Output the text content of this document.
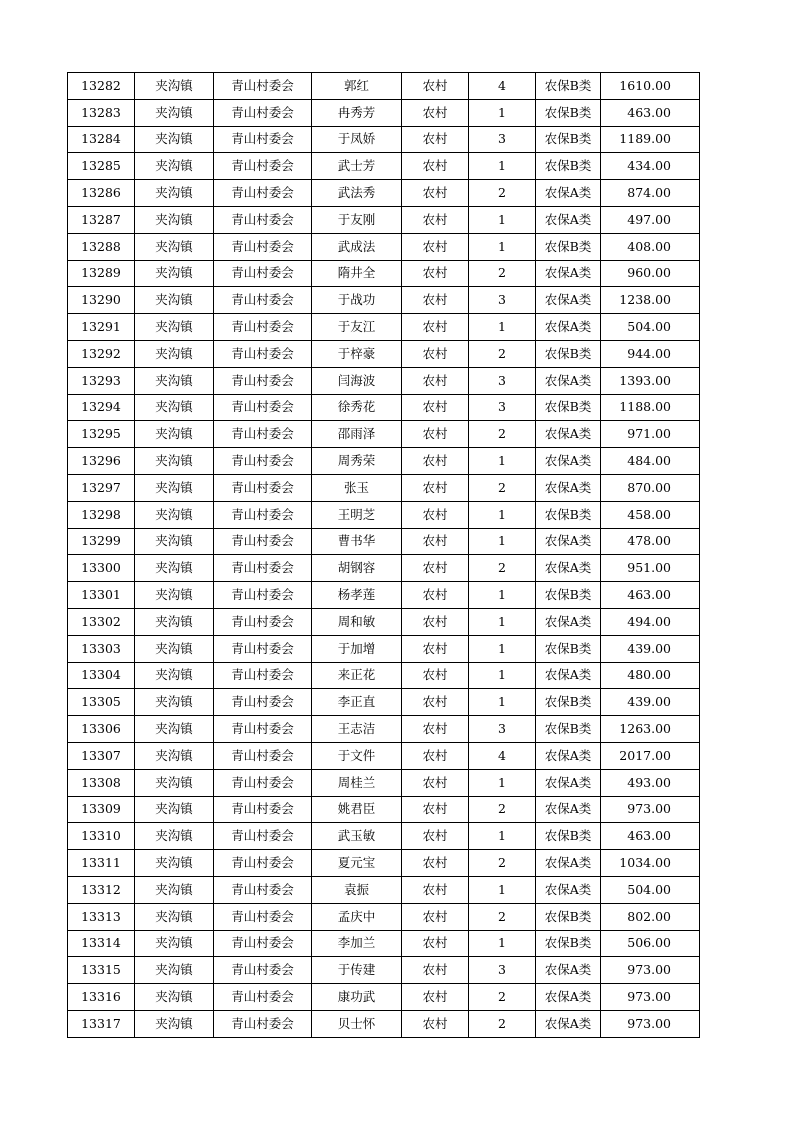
13282	夹沟镇	青山村委会	郭红	农村	4	农保B类	1610.00
13283	夹沟镇	青山村委会	冉秀芳	农村	1	农保B类	463.00
13284	夹沟镇	青山村委会	于凤娇	农村	3	农保B类	1189.00
13285	夹沟镇	青山村委会	武士芳	农村	1	农保B类	434.00
13286	夹沟镇	青山村委会	武法秀	农村	2	农保A类	874.00
13287	夹沟镇	青山村委会	于友刚	农村	1	农保A类	497.00
13288	夹沟镇	青山村委会	武成法	农村	1	农保B类	408.00
13289	夹沟镇	青山村委会	隋井全	农村	2	农保A类	960.00
13290	夹沟镇	青山村委会	于战功	农村	3	农保A类	1238.00
13291	夹沟镇	青山村委会	于友江	农村	1	农保A类	504.00
13292	夹沟镇	青山村委会	于梓豪	农村	2	农保B类	944.00
13293	夹沟镇	青山村委会	闫海波	农村	3	农保A类	1393.00
13294	夹沟镇	青山村委会	徐秀花	农村	3	农保B类	1188.00
13295	夹沟镇	青山村委会	邵雨泽	农村	2	农保A类	971.00
13296	夹沟镇	青山村委会	周秀荣	农村	1	农保A类	484.00
13297	夹沟镇	青山村委会	张玉	农村	2	农保A类	870.00
13298	夹沟镇	青山村委会	王明芝	农村	1	农保B类	458.00
13299	夹沟镇	青山村委会	曹书华	农村	1	农保A类	478.00
13300	夹沟镇	青山村委会	胡钢容	农村	2	农保A类	951.00
13301	夹沟镇	青山村委会	杨孝莲	农村	1	农保B类	463.00
13302	夹沟镇	青山村委会	周和敏	农村	1	农保A类	494.00
13303	夹沟镇	青山村委会	于加增	农村	1	农保B类	439.00
13304	夹沟镇	青山村委会	来正花	农村	1	农保A类	480.00
13305	夹沟镇	青山村委会	李正直	农村	1	农保B类	439.00
13306	夹沟镇	青山村委会	王志洁	农村	3	农保B类	1263.00
13307	夹沟镇	青山村委会	于文件	农村	4	农保A类	2017.00
13308	夹沟镇	青山村委会	周桂兰	农村	1	农保A类	493.00
13309	夹沟镇	青山村委会	姚君臣	农村	2	农保A类	973.00
13310	夹沟镇	青山村委会	武玉敏	农村	1	农保B类	463.00
13311	夹沟镇	青山村委会	夏元宝	农村	2	农保A类	1034.00
13312	夹沟镇	青山村委会	袁振	农村	1	农保A类	504.00
13313	夹沟镇	青山村委会	孟庆中	农村	2	农保B类	802.00
13314	夹沟镇	青山村委会	李加兰	农村	1	农保B类	506.00
13315	夹沟镇	青山村委会	于传建	农村	3	农保A类	973.00
13316	夹沟镇	青山村委会	康功武	农村	2	农保A类	973.00
13317	夹沟镇	青山村委会	贝士怀	农村	2	农保A类	973.00
